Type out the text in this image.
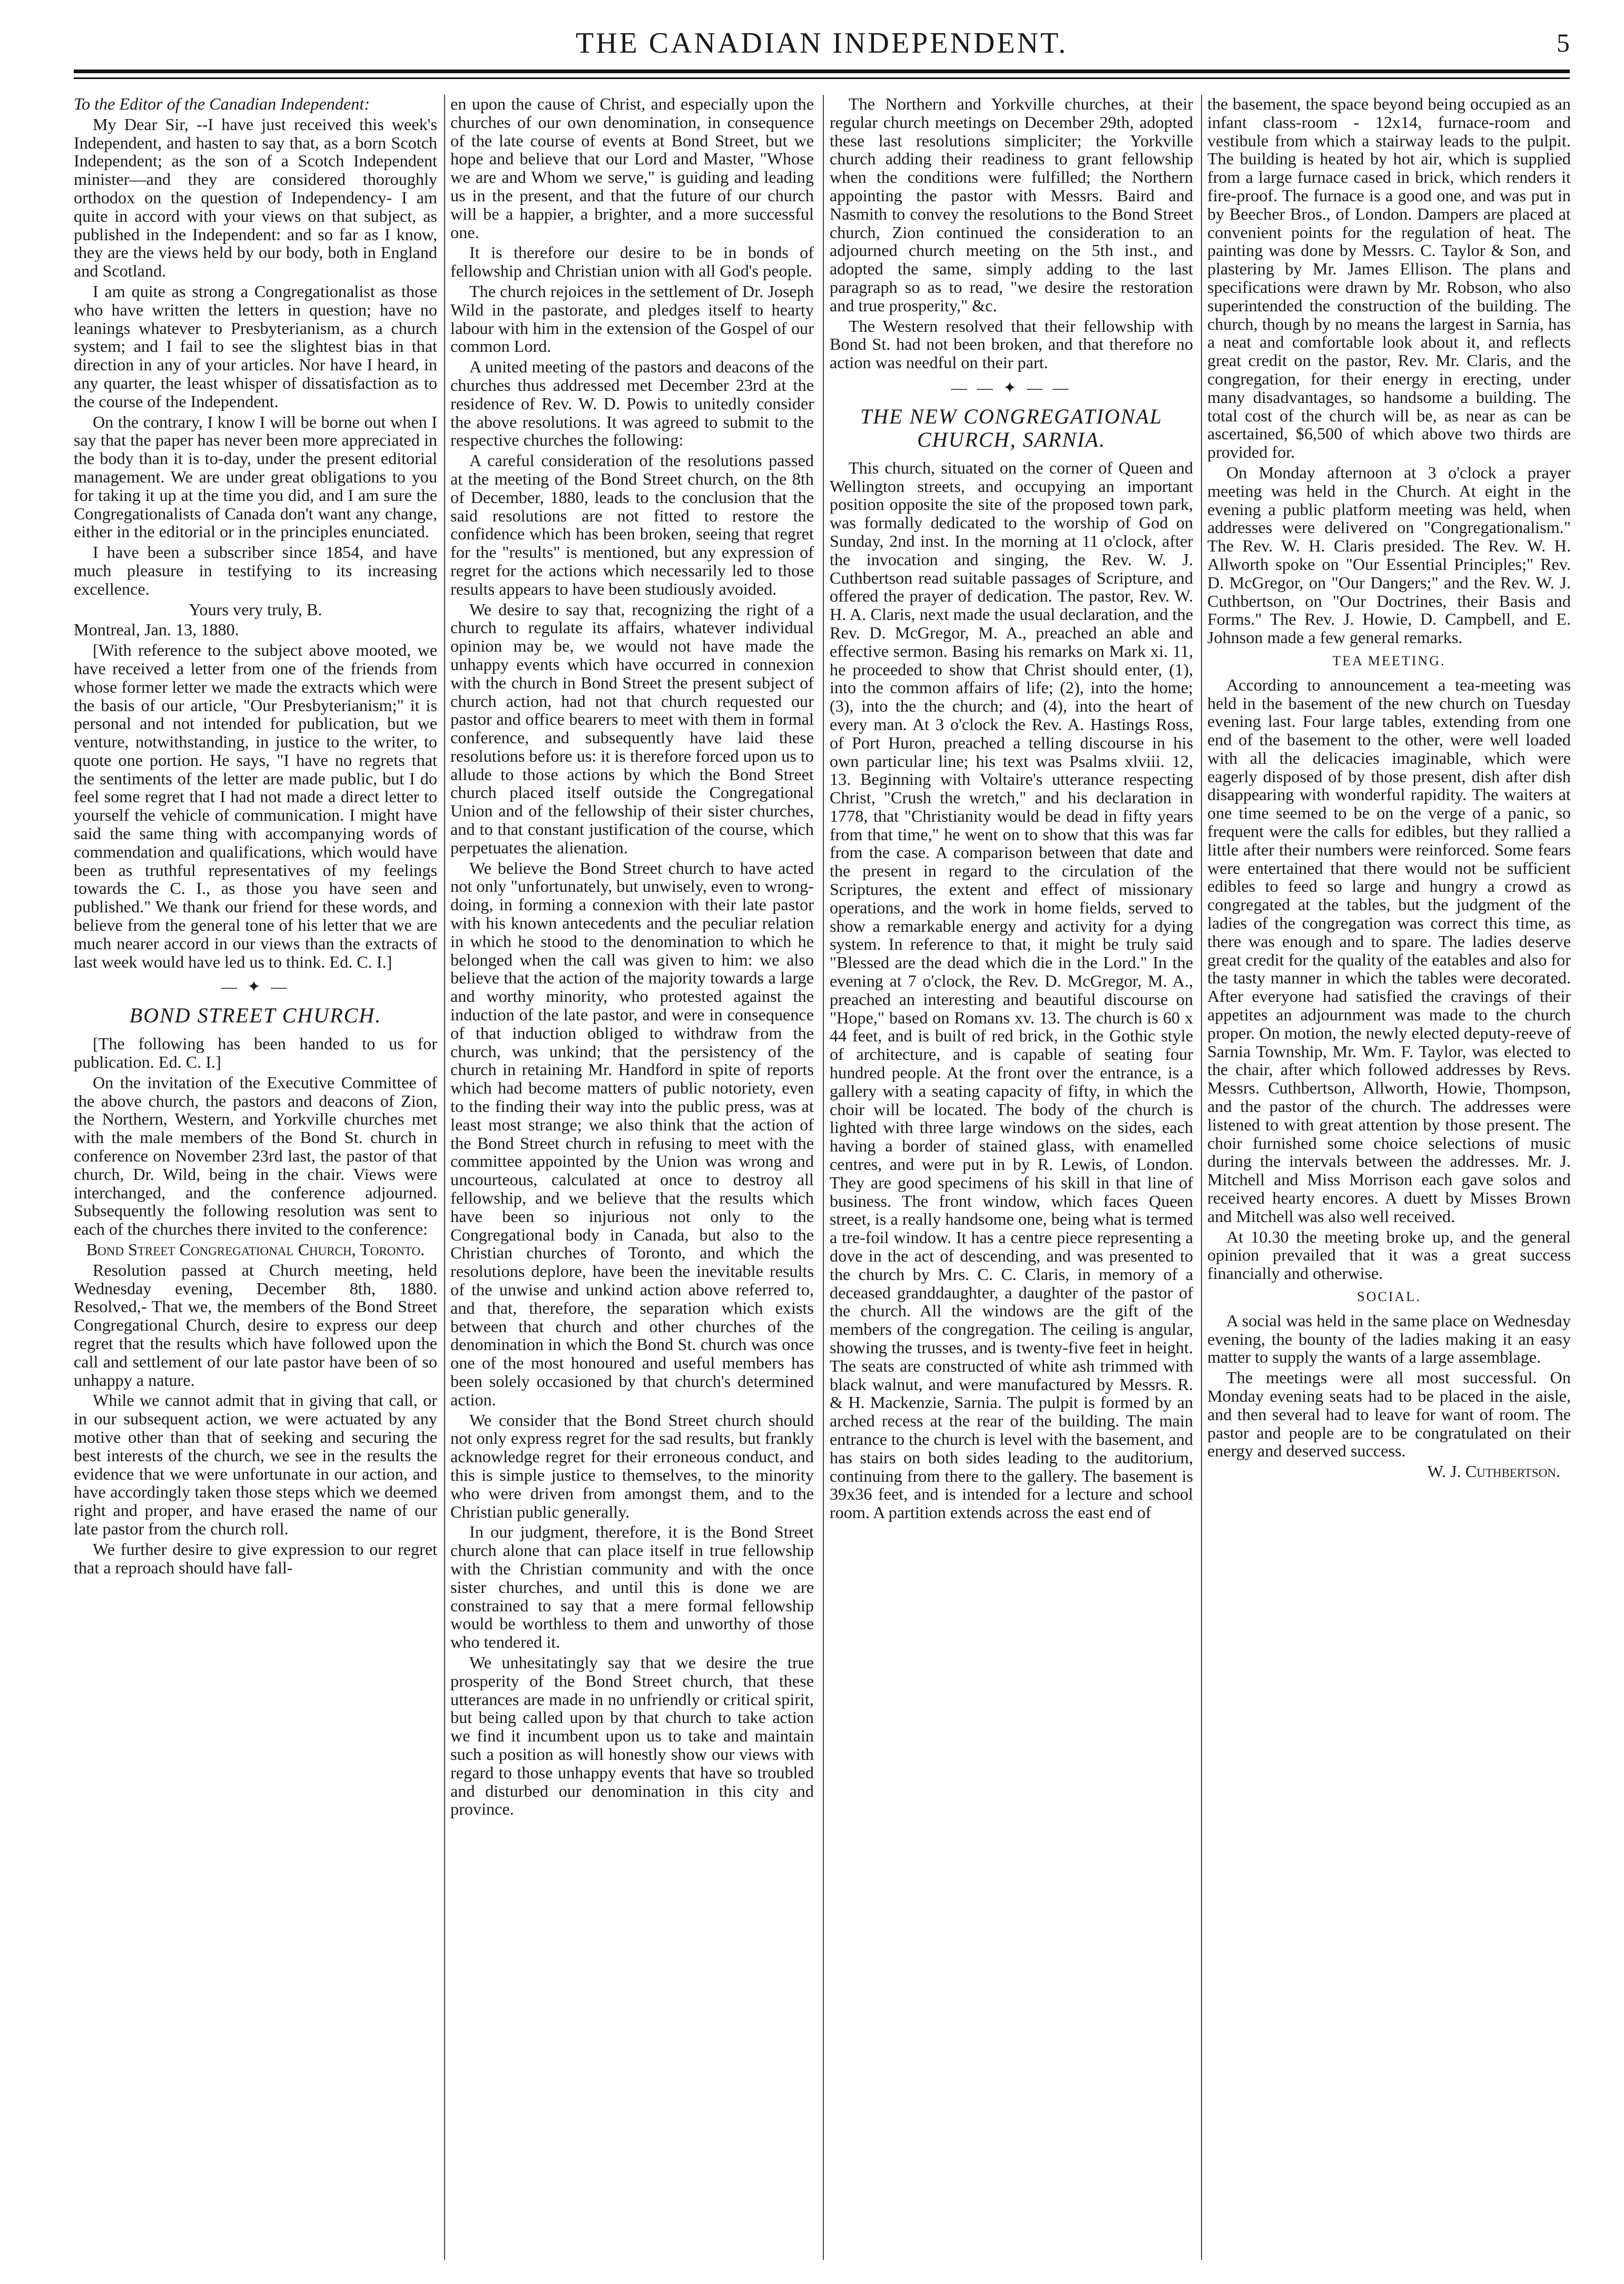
THE CANADIAN INDEPENDENT.	5

To the Editor of the Canadian Independent:

My Dear Sir, --I have just received this week's Independent, and hasten to say that, as a born Scotch Independent; as the son of a Scotch Independent minister—and they are considered thoroughly orthodox on the question of Independency- I am quite in accord with your views on that subject, as published in the Independent: and so far as I know, they are the views held by our body, both in England and Scotland.

I am quite as strong a Congregationalist as those who have written the letters in question; have no leanings whatever to Presbyterianism, as a church system; and I fail to see the slightest bias in that direction in any of your articles. Nor have I heard, in any quarter, the least whisper of dissatisfaction as to the course of the Independent.

On the contrary, I know I will be borne out when I say that the paper has never been more appreciated in the body than it is to-day, under the present editorial management. We are under great obligations to you for taking it up at the time you did, and I am sure the Congregationalists of Canada don't want any change, either in the editorial or in the principles enunciated.

I have been a subscriber since 1854, and have much pleasure in testifying to its increasing excellence.

Yours very truly, B.

Montreal, Jan. 13, 1880.

[With reference to the subject above mooted, we have received a letter from one of the friends from whose former letter we made the extracts which were the basis of our article, "Our Presbyterianism;" it is personal and not intended for publication, but we venture, notwithstanding, in justice to the writer, to quote one portion. He says, "I have no regrets that the sentiments of the letter are made public, but I do feel some regret that I had not made a direct letter to yourself the vehicle of communication. I might have said the same thing with accompanying words of commendation and qualifications, which would have been as truthful representatives of my feelings towards the C. I., as those you have seen and published." We thank our friend for these words, and believe from the general tone of his letter that we are much nearer accord in our views than the extracts of last week would have led us to think. Ed. C. I.]

— ✦ —
BOND STREET CHURCH.

[The following has been handed to us for publication. Ed. C. I.]

On the invitation of the Executive Committee of the above church, the pastors and deacons of Zion, the Northern, Western, and Yorkville churches met with the male members of the Bond St. church in conference on November 23rd last, the pastor of that church, Dr. Wild, being in the chair. Views were interchanged, and the conference adjourned. Subsequently the following resolution was sent to each of the churches there invited to the conference:

Bond Street Congregational Church, Toronto.

Resolution passed at Church meeting, held Wednesday evening, December 8th, 1880. Resolved,- That we, the members of the Bond Street Congregational Church, desire to express our deep regret that the results which have followed upon the call and settlement of our late pastor have been of so unhappy a nature.

While we cannot admit that in giving that call, or in our subsequent action, we were actuated by any motive other than that of seeking and securing the best interests of the church, we see in the results the evidence that we were unfortunate in our action, and have accordingly taken those steps which we deemed right and proper, and have erased the name of our late pastor from the church roll.

We further desire to give expression to our regret that a reproach should have fall-

en upon the cause of Christ, and especially upon the churches of our own denomination, in consequence of the late course of events at Bond Street, but we hope and believe that our Lord and Master, "Whose we are and Whom we serve," is guiding and leading us in the present, and that the future of our church will be a happier, a brighter, and a more successful one.

It is therefore our desire to be in bonds of fellowship and Christian union with all God's people.

The church rejoices in the settlement of Dr. Joseph Wild in the pastorate, and pledges itself to hearty labour with him in the extension of the Gospel of our common Lord.

A united meeting of the pastors and deacons of the churches thus addressed met December 23rd at the residence of Rev. W. D. Powis to unitedly consider the above resolutions. It was agreed to submit to the respective churches the following:

A careful consideration of the resolutions passed at the meeting of the Bond Street church, on the 8th of December, 1880, leads to the conclusion that the said resolutions are not fitted to restore the confidence which has been broken, seeing that regret for the "results" is mentioned, but any expression of regret for the actions which necessarily led to those results appears to have been studiously avoided.

We desire to say that, recognizing the right of a church to regulate its affairs, whatever individual opinion may be, we would not have made the unhappy events which have occurred in connexion with the church in Bond Street the present subject of church action, had not that church requested our pastor and office bearers to meet with them in formal conference, and subsequently have laid these resolutions before us: it is therefore forced upon us to allude to those actions by which the Bond Street church placed itself outside the Congregational Union and of the fellowship of their sister churches, and to that constant justification of the course, which perpetuates the alienation.

We believe the Bond Street church to have acted not only "unfortunately, but unwisely, even to wrong-doing, in forming a connexion with their late pastor with his known antecedents and the peculiar relation in which he stood to the denomination to which he belonged when the call was given to him: we also believe that the action of the majority towards a large and worthy minority, who protested against the induction of the late pastor, and were in consequence of that induction obliged to withdraw from the church, was unkind; that the persistency of the church in retaining Mr. Handford in spite of reports which had become matters of public notoriety, even to the finding their way into the public press, was at least most strange; we also think that the action of the Bond Street church in refusing to meet with the committee appointed by the Union was wrong and uncourteous, calculated at once to destroy all fellowship, and we believe that the results which have been so injurious not only to the Congregational body in Canada, but also to the Christian churches of Toronto, and which the resolutions deplore, have been the inevitable results of the unwise and unkind action above referred to, and that, therefore, the separation which exists between that church and other churches of the denomination in which the Bond St. church was once one of the most honoured and useful members has been solely occasioned by that church's determined action.

We consider that the Bond Street church should not only express regret for the sad results, but frankly acknowledge regret for their erroneous conduct, and this is simple justice to themselves, to the minority who were driven from amongst them, and to the Christian public generally.

In our judgment, therefore, it is the Bond Street church alone that can place itself in true fellowship with the Christian community and with the once sister churches, and until this is done we are constrained to say that a mere formal fellowship would be worthless to them and unworthy of those who tendered it.

We unhesitatingly say that we desire the true prosperity of the Bond Street church, that these utterances are made in no unfriendly or critical spirit, but being called upon by that church to take action we find it incumbent upon us to take and maintain such a position as will honestly show our views with regard to those unhappy events that have so troubled and disturbed our denomination in this city and province.

The Northern and Yorkville churches, at their regular church meetings on December 29th, adopted these last resolutions simpliciter; the Yorkville church adding their readiness to grant fellowship when the conditions were fulfilled; the Northern appointing the pastor with Messrs. Baird and Nasmith to convey the resolutions to the Bond Street church, Zion continued the consideration to an adjourned church meeting on the 5th inst., and adopted the same, simply adding to the last paragraph so as to read, "we desire the restoration and true prosperity," &c.

The Western resolved that their fellowship with Bond St. had not been broken, and that therefore no action was needful on their part.

— — ✦ — —
THE NEW CONGREGATIONAL CHURCH, SARNIA.

This church, situated on the corner of Queen and Wellington streets, and occupying an important position opposite the site of the proposed town park, was formally dedicated to the worship of God on Sunday, 2nd inst. In the morning at 11 o'clock, after the invocation and singing, the Rev. W. J. Cuthbertson read suitable passages of Scripture, and offered the prayer of dedication. The pastor, Rev. W. H. A. Claris, next made the usual declaration, and the Rev. D. McGregor, M. A., preached an able and effective sermon. Basing his remarks on Mark xi. 11, he proceeded to show that Christ should enter, (1), into the common affairs of life; (2), into the home; (3), into the the church; and (4), into the heart of every man. At 3 o'clock the Rev. A. Hastings Ross, of Port Huron, preached a telling discourse in his own particular line; his text was Psalms xlviii. 12, 13. Beginning with Voltaire's utterance respecting Christ, "Crush the wretch," and his declaration in 1778, that "Christianity would be dead in fifty years from that time," he went on to show that this was far from the case. A comparison between that date and the present in regard to the circulation of the Scriptures, the extent and effect of missionary operations, and the work in home fields, served to show a remarkable energy and activity for a dying system. In reference to that, it might be truly said "Blessed are the dead which die in the Lord." In the evening at 7 o'clock, the Rev. D. McGregor, M. A., preached an interesting and beautiful discourse on "Hope," based on Romans xv. 13. The church is 60 x 44 feet, and is built of red brick, in the Gothic style of architecture, and is capable of seating four hundred people. At the front over the entrance, is a gallery with a seating capacity of fifty, in which the choir will be located. The body of the church is lighted with three large windows on the sides, each having a border of stained glass, with enamelled centres, and were put in by R. Lewis, of London. They are good specimens of his skill in that line of business. The front window, which faces Queen street, is a really handsome one, being what is termed a tre-foil window. It has a centre piece representing a dove in the act of descending, and was presented to the church by Mrs. C. C. Claris, in memory of a deceased granddaughter, a daughter of the pastor of the church. All the windows are the gift of the members of the congregation. The ceiling is angular, showing the trusses, and is twenty-five feet in height. The seats are constructed of white ash trimmed with black walnut, and were manufactured by Messrs. R. & H. Mackenzie, Sarnia. The pulpit is formed by an arched recess at the rear of the building. The main entrance to the church is level with the basement, and has stairs on both sides leading to the auditorium, continuing from there to the gallery. The basement is 39x36 feet, and is intended for a lecture and school room. A partition extends across the east end of

the basement, the space beyond being occupied as an infant class-room - 12x14, furnace-room and vestibule from which a stairway leads to the pulpit. The building is heated by hot air, which is supplied from a large furnace cased in brick, which renders it fire-proof. The furnace is a good one, and was put in by Beecher Bros., of London. Dampers are placed at convenient points for the regulation of heat. The painting was done by Messrs. C. Taylor & Son, and plastering by Mr. James Ellison. The plans and specifications were drawn by Mr. Robson, who also superintended the construction of the building. The church, though by no means the largest in Sarnia, has a neat and comfortable look about it, and reflects great credit on the pastor, Rev. Mr. Claris, and the congregation, for their energy in erecting, under many disadvantages, so handsome a building. The total cost of the church will be, as near as can be ascertained, $6,500 of which above two thirds are provided for.

On Monday afternoon at 3 o'clock a prayer meeting was held in the Church. At eight in the evening a public platform meeting was held, when addresses were delivered on "Congregationalism." The Rev. W. H. Claris presided. The Rev. W. H. Allworth spoke on "Our Essential Principles;" Rev. D. McGregor, on "Our Dangers;" and the Rev. W. J. Cuthbertson, on "Our Doctrines, their Basis and Forms." The Rev. J. Howie, D. Campbell, and E. Johnson made a few general remarks.

TEA MEETING.

According to announcement a tea-meeting was held in the basement of the new church on Tuesday evening last. Four large tables, extending from one end of the basement to the other, were well loaded with all the delicacies imaginable, which were eagerly disposed of by those present, dish after dish disappearing with wonderful rapidity. The waiters at one time seemed to be on the verge of a panic, so frequent were the calls for edibles, but they rallied a little after their numbers were reinforced. Some fears were entertained that there would not be sufficient edibles to feed so large and hungry a crowd as congregated at the tables, but the judgment of the ladies of the congregation was correct this time, as there was enough and to spare. The ladies deserve great credit for the quality of the eatables and also for the tasty manner in which the tables were decorated. After everyone had satisfied the cravings of their appetites an adjournment was made to the church proper. On motion, the newly elected deputy-reeve of Sarnia Township, Mr. Wm. F. Taylor, was elected to the chair, after which followed addresses by Revs. Messrs. Cuthbertson, Allworth, Howie, Thompson, and the pastor of the church. The addresses were listened to with great attention by those present. The choir furnished some choice selections of music during the intervals between the addresses. Mr. J. Mitchell and Miss Morrison each gave solos and received hearty encores. A duett by Misses Brown and Mitchell was also well received.

At 10.30 the meeting broke up, and the general opinion prevailed that it was a great success financially and otherwise.

SOCIAL.

A social was held in the same place on Wednesday evening, the bounty of the ladies making it an easy matter to supply the wants of a large assemblage.

The meetings were all most successful. On Monday evening seats had to be placed in the aisle, and then several had to leave for want of room. The pastor and people are to be congratulated on their energy and deserved success.

W. J. Cuthbertson.
